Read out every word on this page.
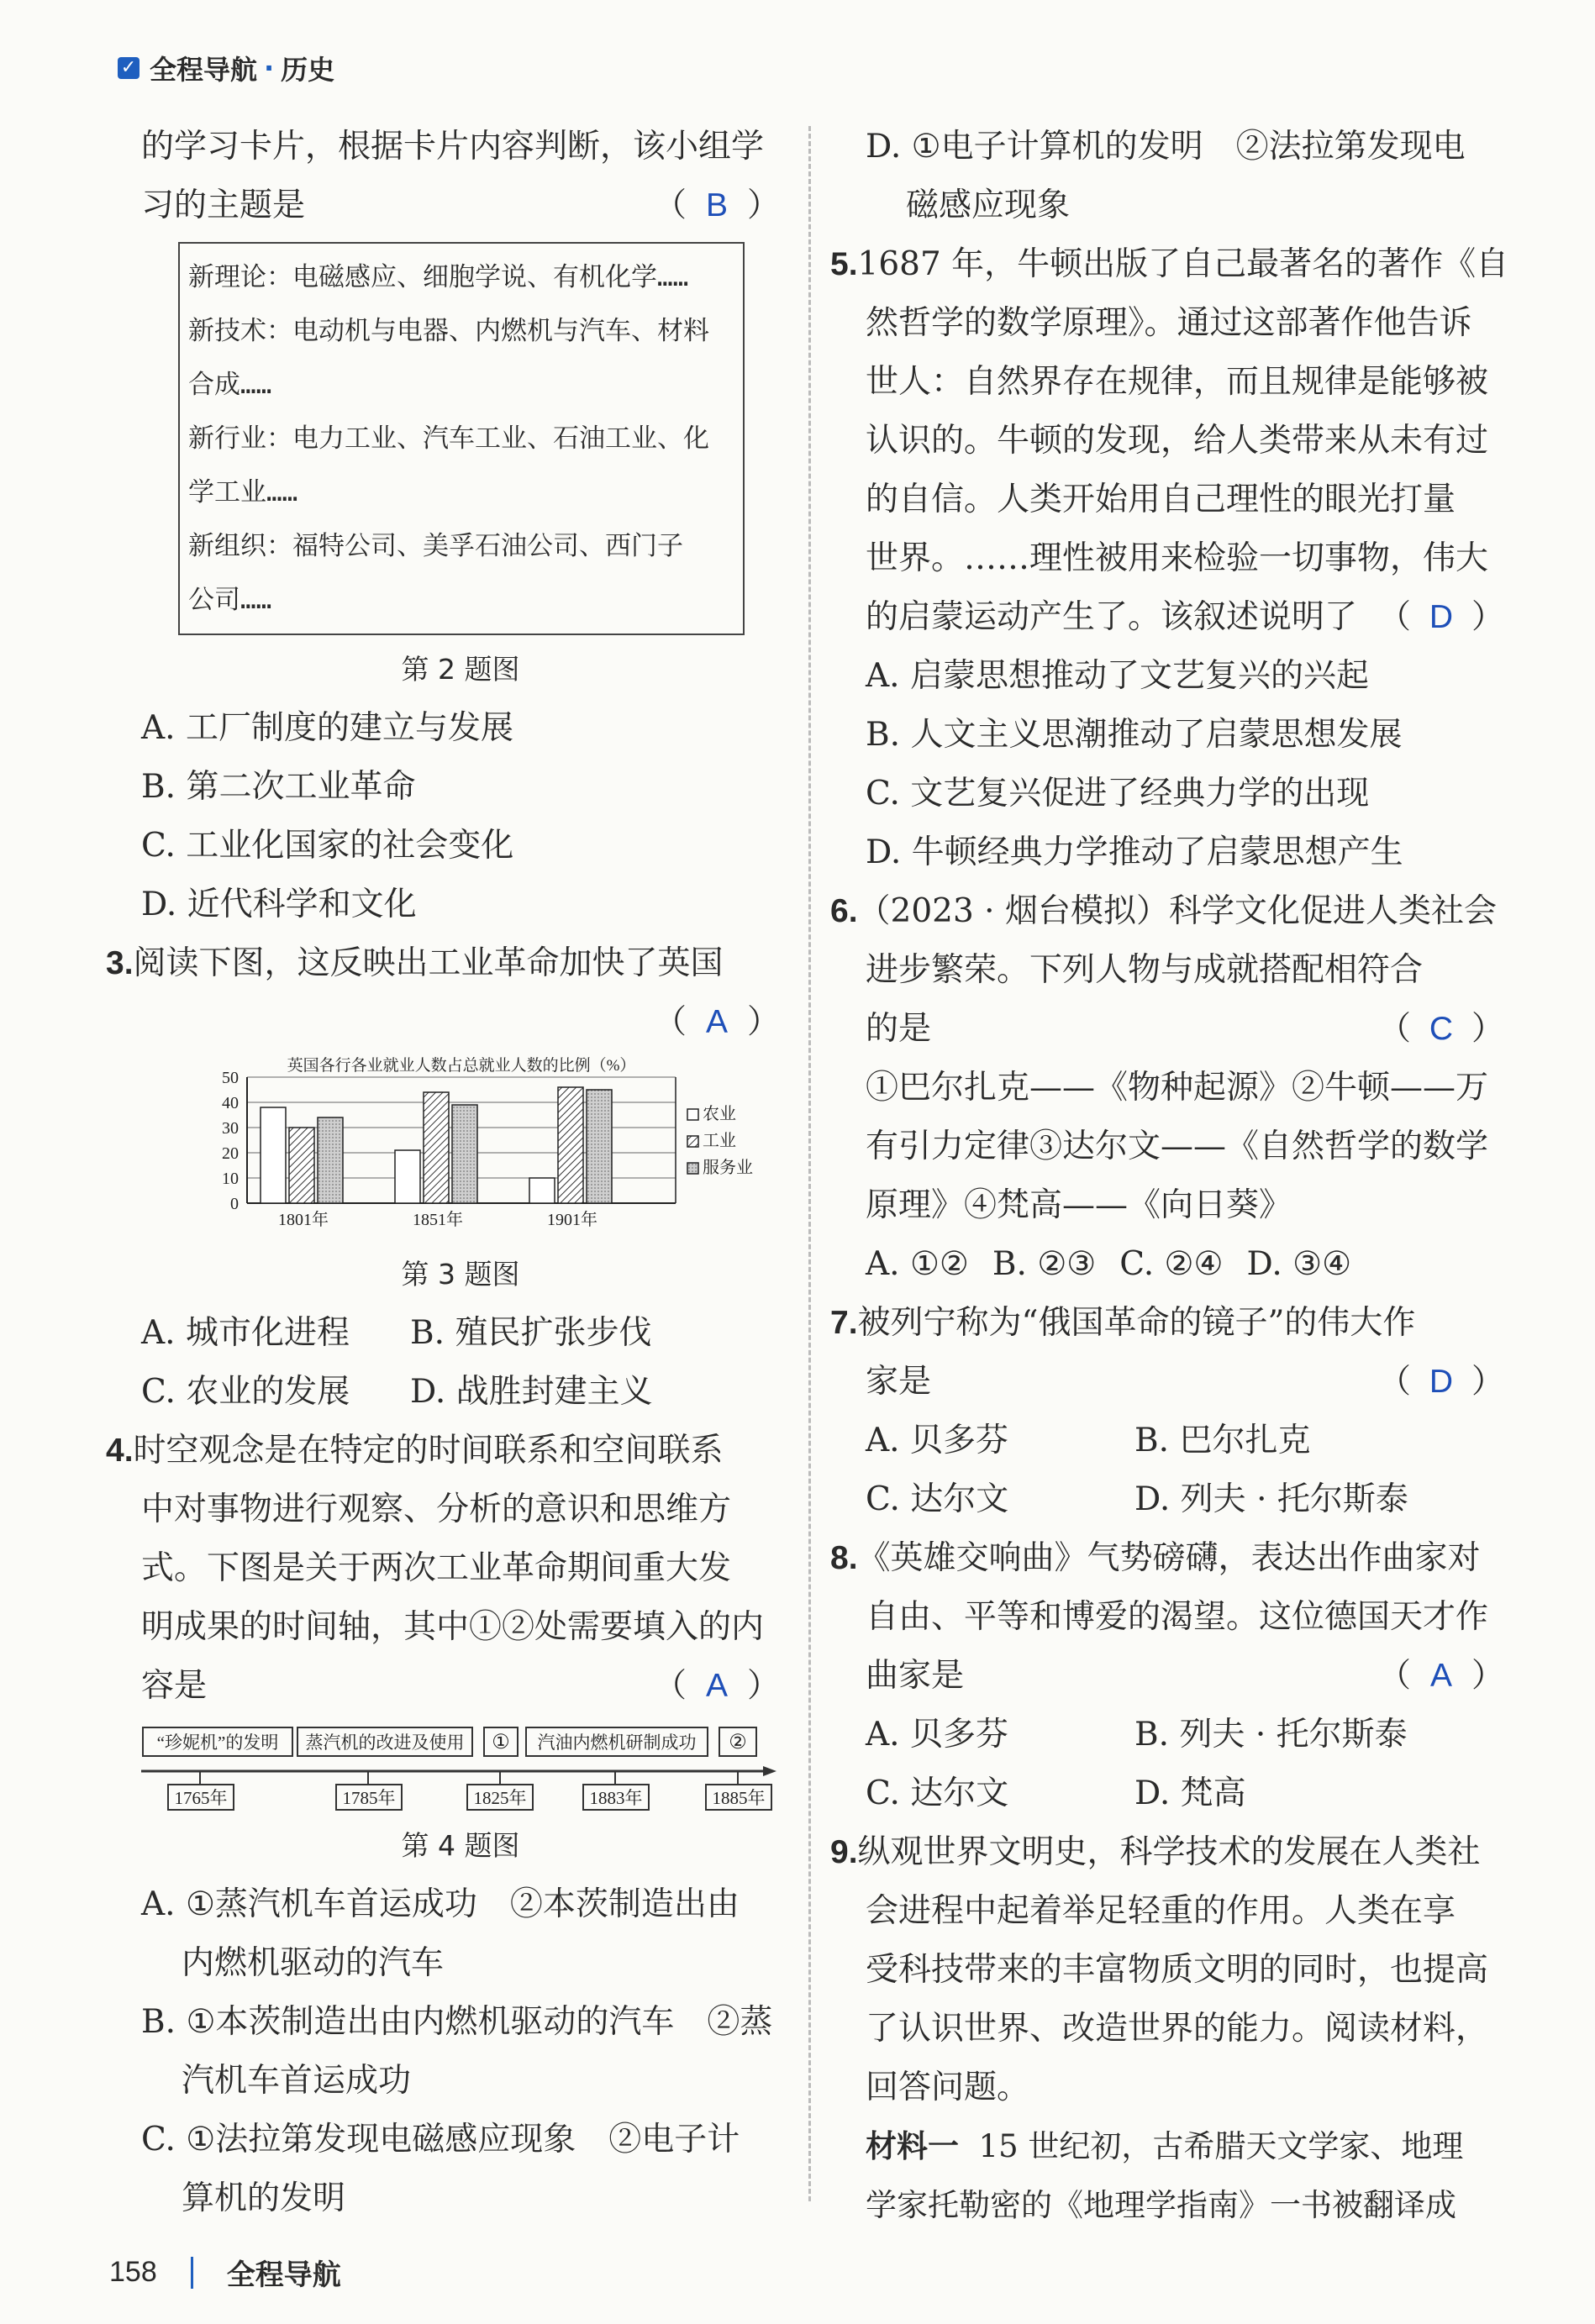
✓ 全程导航 · 历史
的学习卡片，根据卡片内容判断，该小组学
习的主题是	（ B ）
新理论：电磁感应、细胞学说、有机化学……
新技术：电动机与电器、内燃机与汽车、材料
合成……
新行业：电力工业、汽车工业、石油工业、化
学工业……
新组织：福特公司、美孚石油公司、西门子
公司……
第 2 题图
A. 工厂制度的建立与发展
B. 第二次工业革命
C. 工业化国家的社会变化
D. 近代科学和文化
3.阅读下图，这反映出工业革命加快了英国

（ A ）
0
10
20
30
40
50
英国各行各业就业人数占总就业人数的比例（%）
1801年	1851年	1901年
农业
工业
服务业
第 3 题图
A. 城市化进程	B. 殖民扩张步伐
C. 农业的发展	D. 战胜封建主义
4.时空观念是在特定的时间联系和空间联系
中对事物进行观察、分析的意识和思维方
式。下图是关于两次工业革命期间重大发
明成果的时间轴，其中①②处需要填入的内
容是	（ A ）
“珍妮机”的发明 蒸汽机的改进及使用 ① 汽油内燃机研制成功 ②
1765年	1785年	1825年	1883年	1885年
第 4 题图
A. ①蒸汽机车首运成功　②本茨制造出由
内燃机驱动的汽车
B. ①本茨制造出由内燃机驱动的汽车　②蒸
汽机车首运成功
C. ①法拉第发现电磁感应现象　②电子计
算机的发明
D. ①电子计算机的发明　②法拉第发现电
磁感应现象
5.1687 年，牛顿出版了自己最著名的著作《自
然哲学的数学原理》。通过这部著作他告诉
世人：自然界存在规律，而且规律是能够被
认识的。牛顿的发现，给人类带来从未有过
的自信。人类开始用自己理性的眼光打量
世界。……理性被用来检验一切事物，伟大
的启蒙运动产生了。该叙述说明了 （ D ）
A. 启蒙思想推动了文艺复兴的兴起
B. 人文主义思潮推动了启蒙思想发展
C. 文艺复兴促进了经典力学的出现
D. 牛顿经典力学推动了启蒙思想产生
6.（2023 · 烟台模拟）科学文化促进人类社会
进步繁荣。下列人物与成就搭配相符合
的是	（ C ）
①巴尔扎克——《物种起源》②牛顿——万
有引力定律③达尔文——《自然哲学的数学
原理》④梵高——《向日葵》
A. ①② B. ②③ C. ②④ D. ③④
7.被列宁称为“俄国革命的镜子”的伟大作
家是	（ D ）
A. 贝多芬	B. 巴尔扎克
C. 达尔文	D. 列夫 · 托尔斯泰
8.《英雄交响曲》气势磅礴，表达出作曲家对
自由、平等和博爱的渴望。这位德国天才作
曲家是	（ A ）
A. 贝多芬	B. 列夫 · 托尔斯泰
C. 达尔文	D. 梵高
9.纵观世界文明史，科学技术的发展在人类社
会进程中起着举足轻重的作用。人类在享
受科技带来的丰富物质文明的同时，也提高
了认识世界、改造世界的能力。阅读材料，
回答问题。
材料一 15 世纪初，古希腊天文学家、地理
学家托勒密的《地理学指南》一书被翻译成
158 全程导航
